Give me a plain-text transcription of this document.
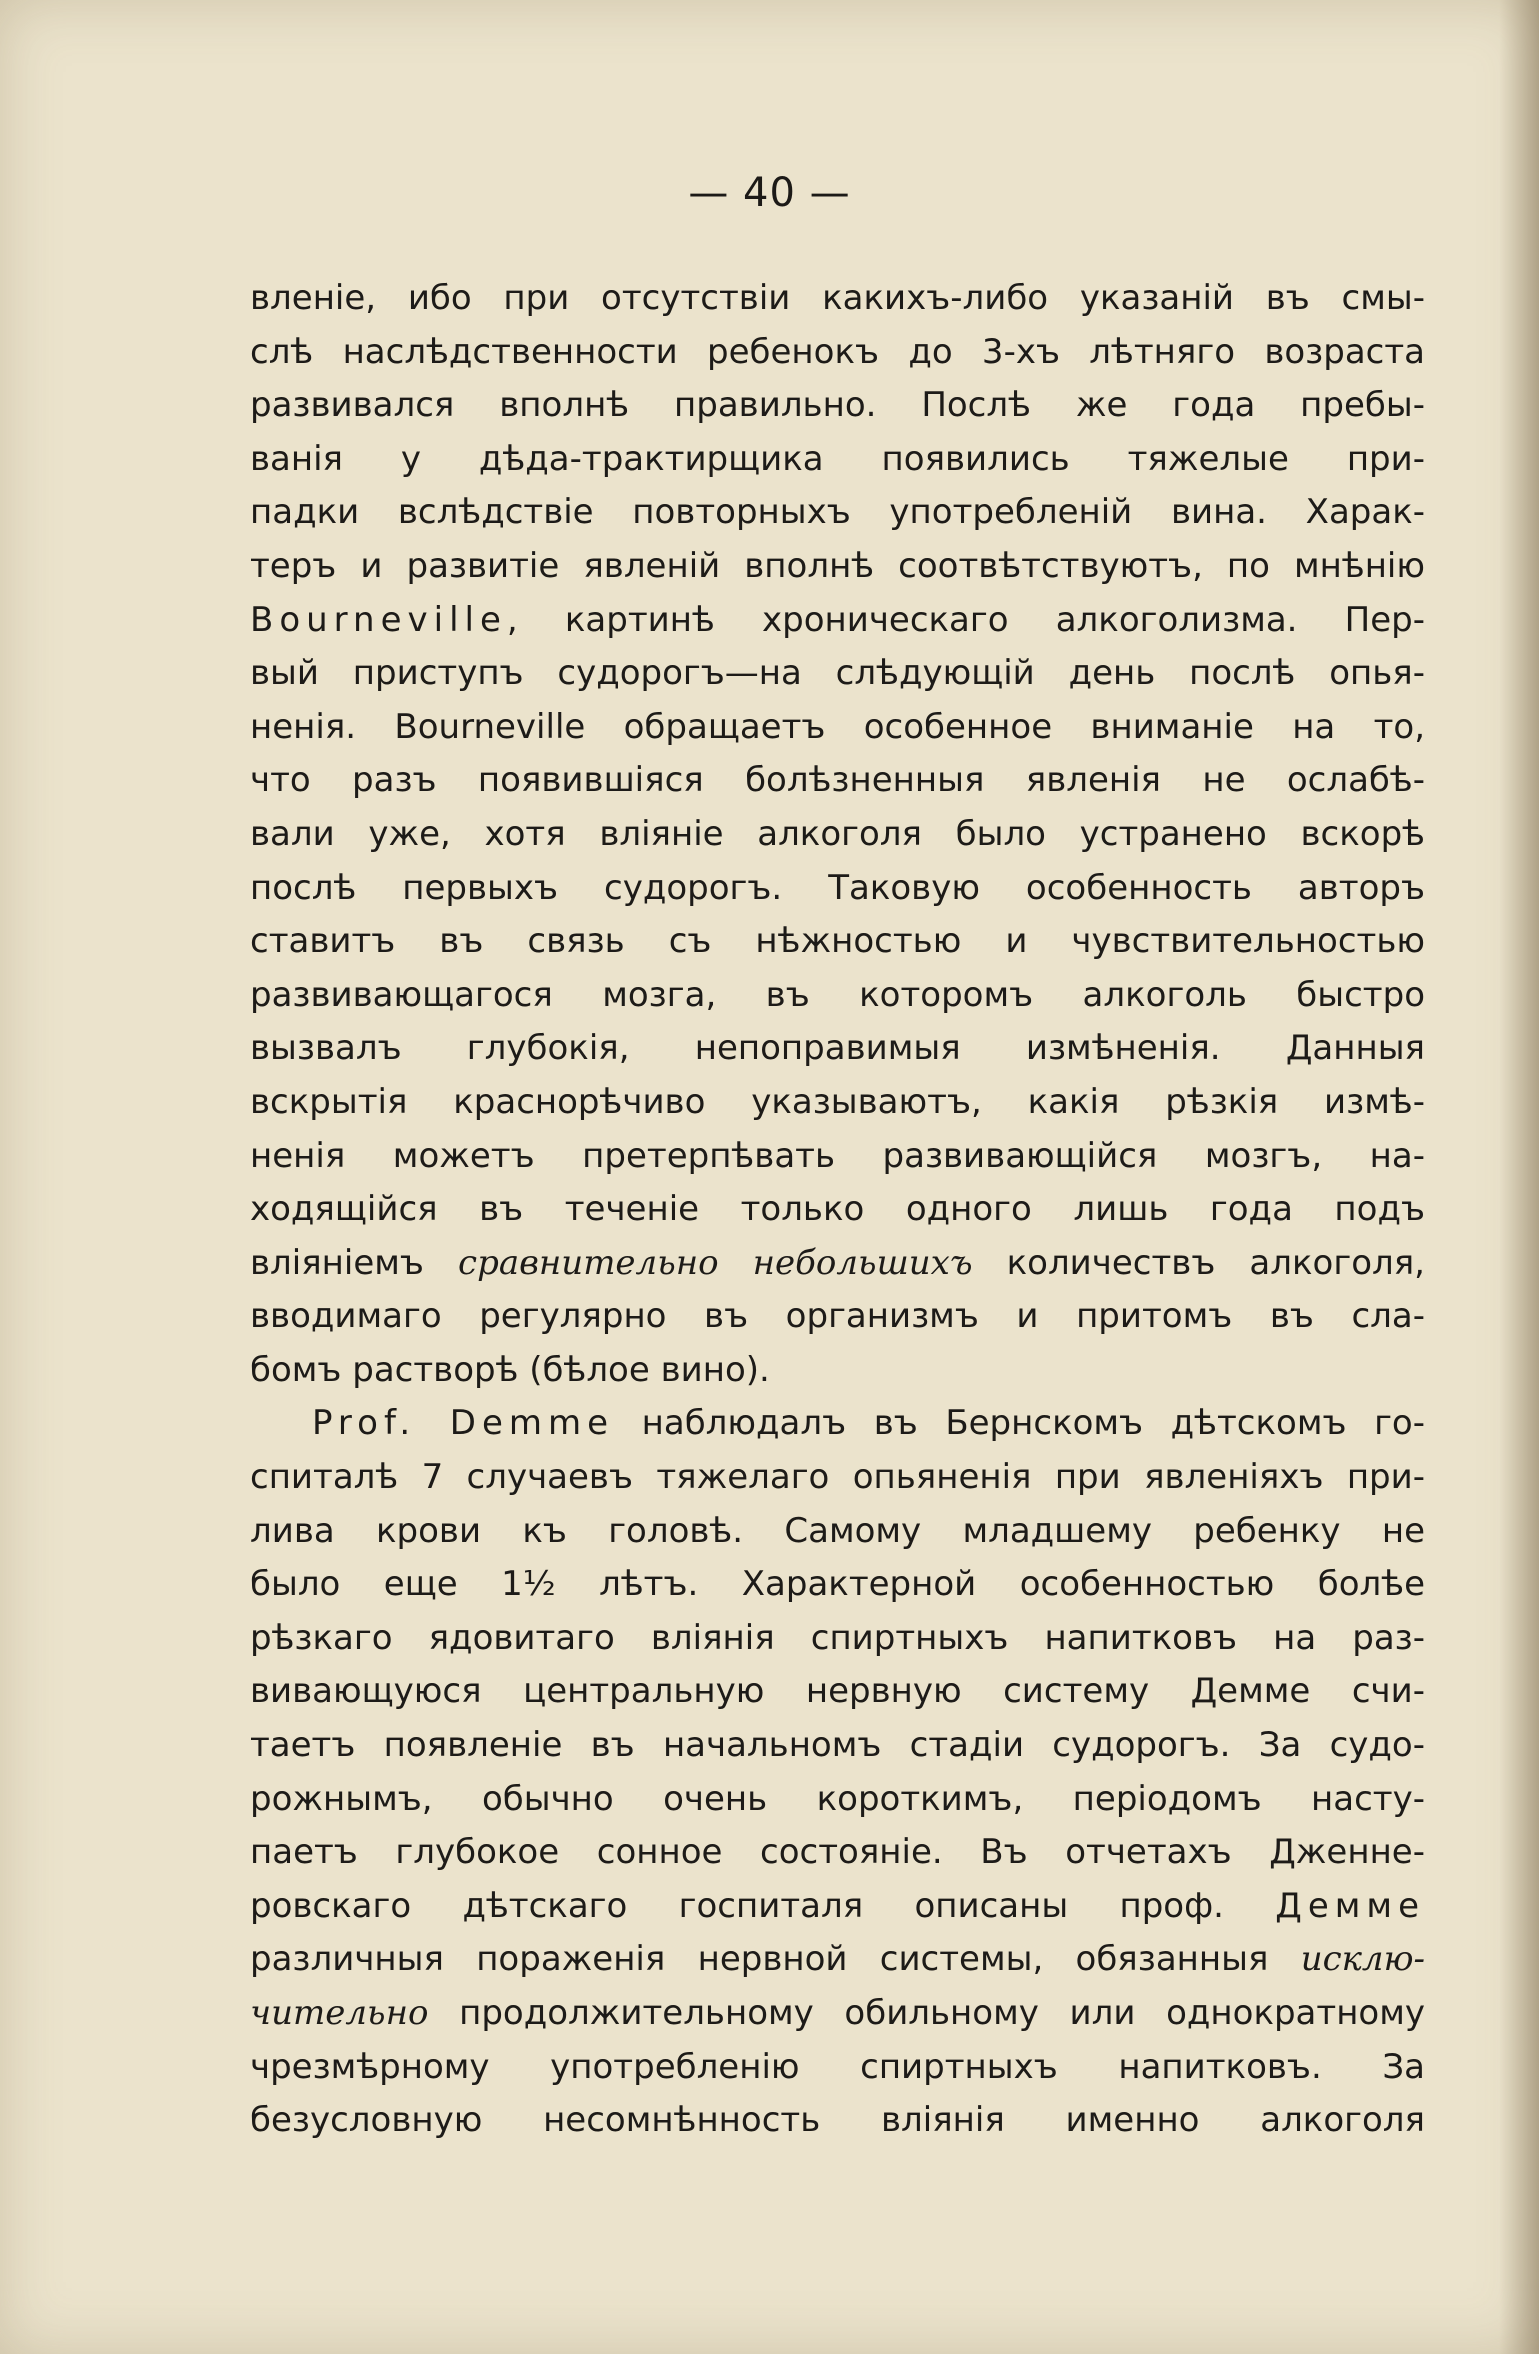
— 40 —
вленіе, ибо при отсутствіи какихъ-либо указаній въ смы-
слѣ наслѣдственности ребенокъ до 3-хъ лѣтняго возраста
развивался вполнѣ правильно. Послѣ же года пребы-
ванія у дѣда-трактирщика появились тяжелые при-
падки вслѣдствіе повторныхъ употребленій вина. Харак-
теръ и развитіе явленій вполнѣ соотвѣтствуютъ, по мнѣнію
Bourneville, картинѣ хроническаго алкоголизма. Пер-
вый приступъ судорогъ—на слѣдующій день послѣ опья-
ненія. Bourneville обращаетъ особенное вниманіе на то,
что разъ появившіяся болѣзненныя явленія не ослабѣ-
вали уже, хотя вліяніе алкоголя было устранено вскорѣ
послѣ первыхъ судорогъ. Таковую особенность авторъ
ставитъ въ связь съ нѣжностью и чувствительностью
развивающагося мозга, въ которомъ алкоголь быстро
вызвалъ глубокія, непоправимыя измѣненія. Данныя
вскрытія краснорѣчиво указываютъ, какія рѣзкія измѣ-
ненія можетъ претерпѣвать развивающійся мозгъ, на-
ходящійся въ теченіе только одного лишь года подъ
вліяніемъ сравнительно небольшихъ количествъ алкоголя,
вводимаго регулярно въ организмъ и притомъ въ сла-
бомъ растворѣ (бѣлое вино).
Prof. Demme наблюдалъ въ Бернскомъ дѣтскомъ го-
спиталѣ 7 случаевъ тяжелаго опьяненія при явленіяхъ при-
лива крови къ головѣ. Самому младшему ребенку не
было еще 1½ лѣтъ. Характерной особенностью болѣе
рѣзкаго ядовитаго вліянія спиртныхъ напитковъ на раз-
вивающуюся центральную нервную систему Демме счи-
таетъ появленіе въ начальномъ стадіи судорогъ. За судо-
рожнымъ, обычно очень короткимъ, періодомъ насту-
паетъ глубокое сонное состояніе. Въ отчетахъ Дженне-
ровскаго дѣтскаго госпиталя описаны проф. Демме
различныя пораженія нервной системы, обязанныя исклю-
чительно продолжительному обильному или однократному
чрезмѣрному употребленію спиртныхъ напитковъ. За
безусловную несомнѣнность вліянія именно алкоголя
